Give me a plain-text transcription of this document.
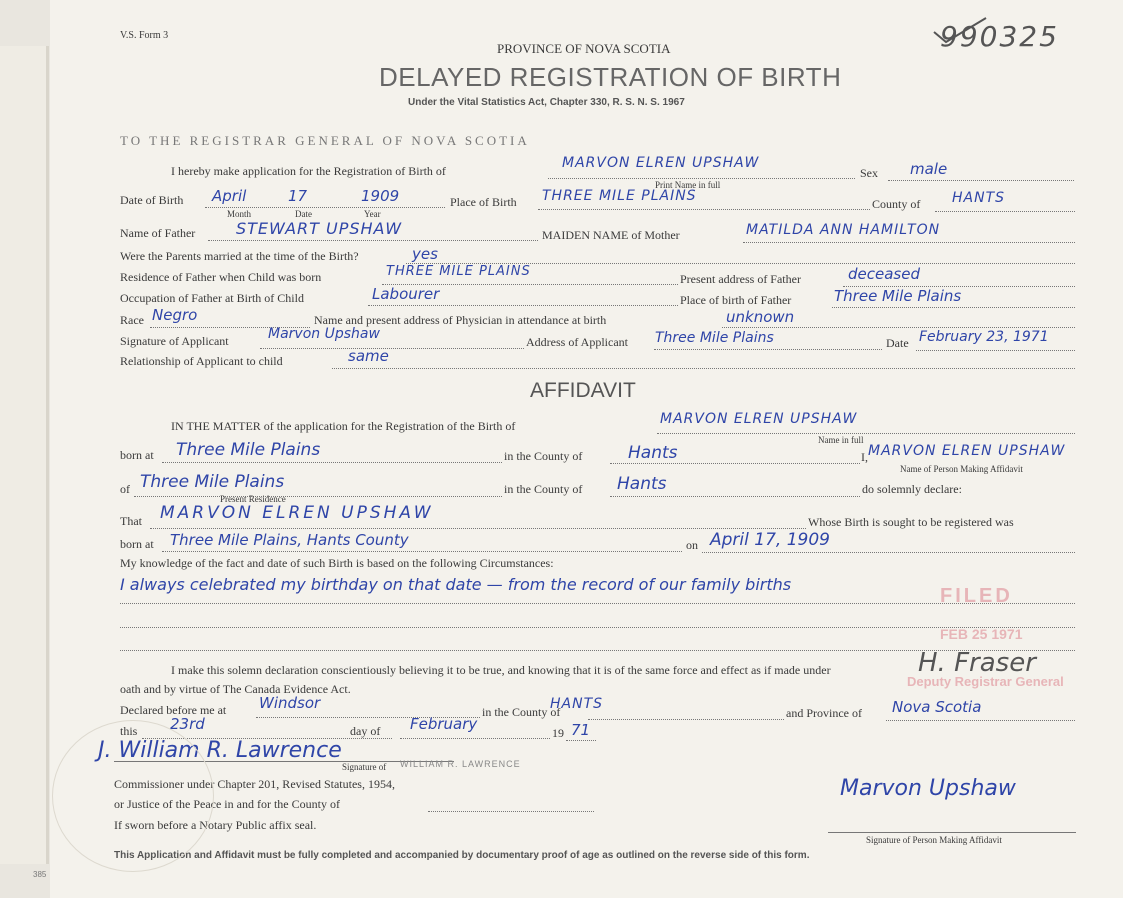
385
V.S. Form 3
PROVINCE OF NOVA SCOTIA
DELAYED REGISTRATION OF BIRTH
Under the Vital Statistics Act, Chapter 330, R. S. N. S. 1967
990325
TO THE REGISTRAR GENERAL OF NOVA SCOTIA
I hereby make application for the Registration of Birth of	MARVON ELREN UPSHAW
Sex male
Print Name in full
Date of Birth April	17	1909
Month	Date	Year
Place of Birth THREE MILE PLAINS	County of HANTS
Name of Father	STEWART UPSHAW	MAIDEN NAME of Mother	MATILDA ANN HAMILTON
Were the Parents married at the time of the Birth?	yes
Residence of Father when Child was born	THREE MILE PLAINS	Present address of Father	deceased
Occupation of Father at Birth of Child	Labourer	Place of birth of Father	Three Mile Plains
Race Negro	Name and present address of Physician in attendance at birth	unknown
Signature of Applicant	Marvon Upshaw	Address of Applicant Three Mile Plains	Date February 23, 1971
Relationship of Applicant to child	same
AFFIDAVIT
IN THE MATTER of the application for the Registration of the Birth of	MARVON ELREN UPSHAW
Name in full
born at Three Mile Plains	in the County of	Hants	I, MARVON ELREN UPSHAW
Name of Person Making Affidavit
of Three Mile Plains
Present Residence
in the County of Hants	do solemnly declare:
That MARVON ELREN UPSHAW	Whose Birth is sought to be registered was
born at Three Mile Plains, Hants County	on April 17, 1909
My knowledge of the fact and date of such Birth is based on the following Circumstances:
I always celebrated my birthday on that date — from the record of our family births
FILED
FEB 25 1971
Deputy Registrar General
H. Fraser
I make this solemn declaration conscientiously believing it to be true, and knowing that it is of the same force and effect as if made under
oath and by virtue of The Canada Evidence Act.
Declared before me at Windsor	in the County of
HANTS
and Province of Nova Scotia
this 23rd	day of February	19 71
J. William R. Lawrence
Signature of WILLIAM R. LAWRENCE
Commissioner under Chapter 201, Revised Statutes, 1954,
or Justice of the Peace in and for the County of
If sworn before a Notary Public affix seal.
Marvon Upshaw
Signature of Person Making Affidavit
This Application and Affidavit must be fully completed and accompanied by documentary proof of age as outlined on the reverse side of this form.
